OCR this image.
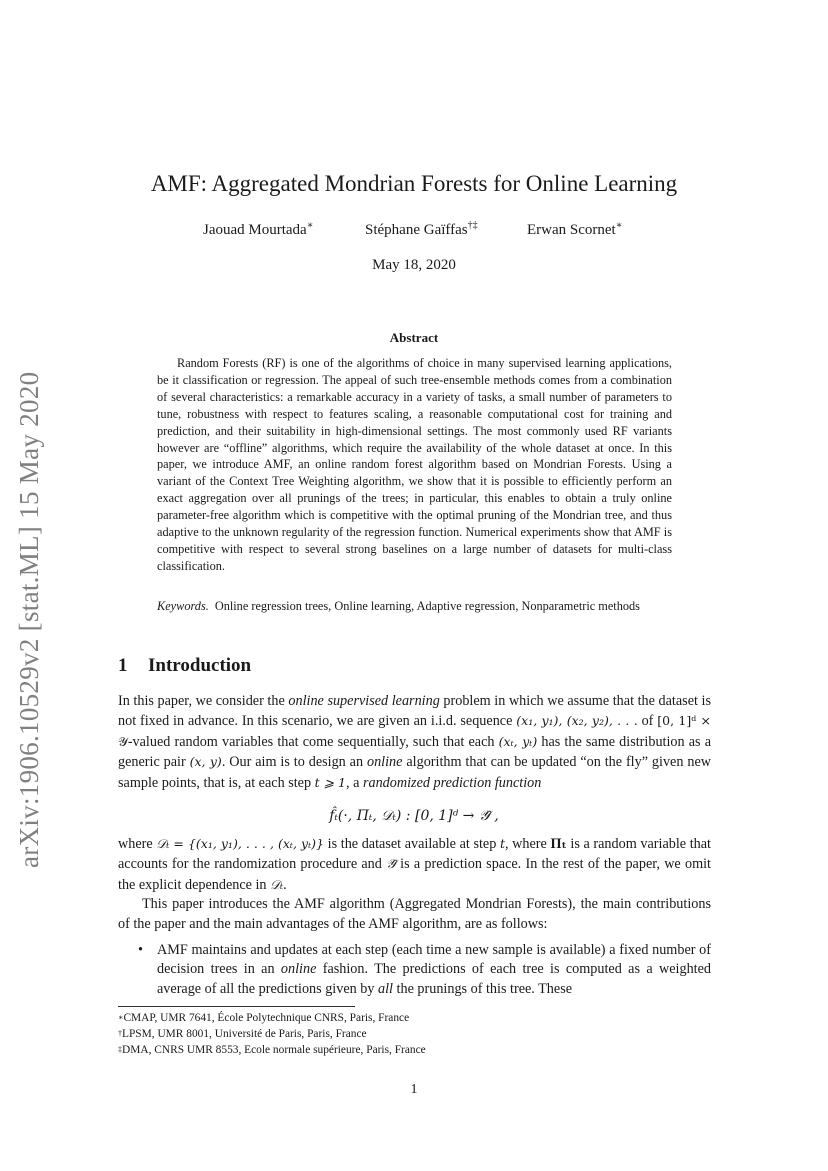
arXiv:1906.10529v2 [stat.ML] 15 May 2020
AMF: Aggregated Mondrian Forests for Online Learning
Jaouad Mourtada∗	Stéphane Gaïffas†‡	Erwan Scornet∗
May 18, 2020
Abstract

Random Forests (RF) is one of the algorithms of choice in many supervised learning applications, be it classification or regression. The appeal of such tree-ensemble methods comes from a combination of several characteristics: a remarkable accuracy in a variety of tasks, a small number of parameters to tune, robustness with respect to features scaling, a reasonable computational cost for training and prediction, and their suitability in high-dimensional settings. The most commonly used RF variants however are “offline” algorithms, which require the availability of the whole dataset at once. In this paper, we introduce AMF, an online random forest algorithm based on Mondrian Forests. Using a variant of the Context Tree Weighting algorithm, we show that it is possible to efficiently perform an exact aggregation over all prunings of the trees; in particular, this enables to obtain a truly online parameter-free algorithm which is competitive with the optimal pruning of the Mondrian tree, and thus adaptive to the unknown regularity of the regression function. Numerical experiments show that AMF is competitive with respect to several strong baselines on a large number of datasets for multi-class classification.

Keywords. Online regression trees, Online learning, Adaptive regression, Nonparametric methods
1 Introduction

In this paper, we consider the online supervised learning problem in which we assume that the dataset is not fixed in advance. In this scenario, we are given an i.i.d. sequence (x₁, y₁), (x₂, y₂), . . . of [0, 1]ᵈ × 𝒴-valued random variables that come sequentially, such that each (xₜ, yₜ) has the same distribution as a generic pair (x, y). Our aim is to design an online algorithm that can be updated “on the fly” given new sample points, that is, at each step t ⩾ 1, a randomized prediction function

f̂ₜ(·, Πₜ, 𝒟ₜ) : [0, 1]ᵈ → 𝒴̂ ,

where 𝒟ₜ = {(x₁, y₁), . . . , (xₜ, yₜ)} is the dataset available at step t, where Πₜ is a random variable that accounts for the randomization procedure and 𝒴̂ is a prediction space. In the rest of the paper, we omit the explicit dependence in 𝒟ₜ.

This paper introduces the AMF algorithm (Aggregated Mondrian Forests), the main contributions of the paper and the main advantages of the AMF algorithm, are as follows:

• AMF maintains and updates at each step (each time a new sample is available) a fixed number of decision trees in an online fashion. The predictions of each tree is computed as a weighted average of all the predictions given by all the prunings of this tree. These
∗CMAP, UMR 7641, École Polytechnique CNRS, Paris, France
†LPSM, UMR 8001, Université de Paris, Paris, France
‡DMA, CNRS UMR 8553, Ecole normale supérieure, Paris, France
1
